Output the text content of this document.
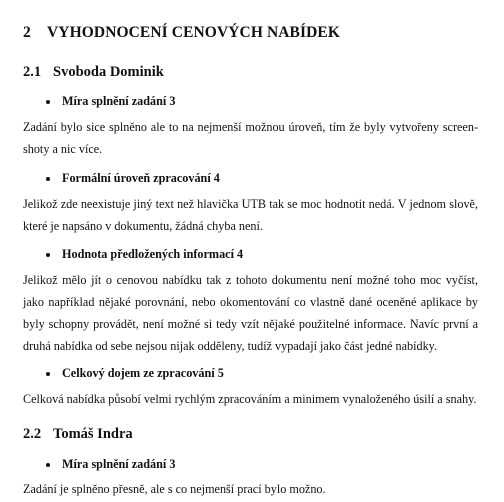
2 VYHODNOCENÍ CENOVÝCH NABÍDEK
2.1 Svoboda Dominik
Míra splnění zadání 3
Zadání bylo sice splněno ale to na nejmenší možnou úroveň, tím že byly vytvořeny screen-
shoty a nic více.
Formální úroveň zpracování 4
Jelikož zde neexistuje jiný text než hlavička UTB tak se moc hodnotit nedá. V jednom slově,
které je napsáno v dokumentu, žádná chyba není.
Hodnota předložených informací 4
Jelikož mělo jít o cenovou nabídku tak z tohoto dokumentu není možné toho moc vyčíst,
jako například nějaké porovnání, nebo okomentování co vlastně dané oceněné aplikace by
byly schopny provádět, není možné si tedy vzít nějaké použitelné informace. Navíc první a
druhá nabídka od sebe nejsou nijak odděleny, tudíž vypadají jako část jedné nabídky.
Celkový dojem ze zpracování 5
Celková nabídka působí velmi rychlým zpracováním a minimem vynaloženého úsilí a snahy.
2.2 Tomáš Indra
Míra splnění zadání 3
Zadání je splněno přesně, ale s co nejmenší prací bylo možno.
